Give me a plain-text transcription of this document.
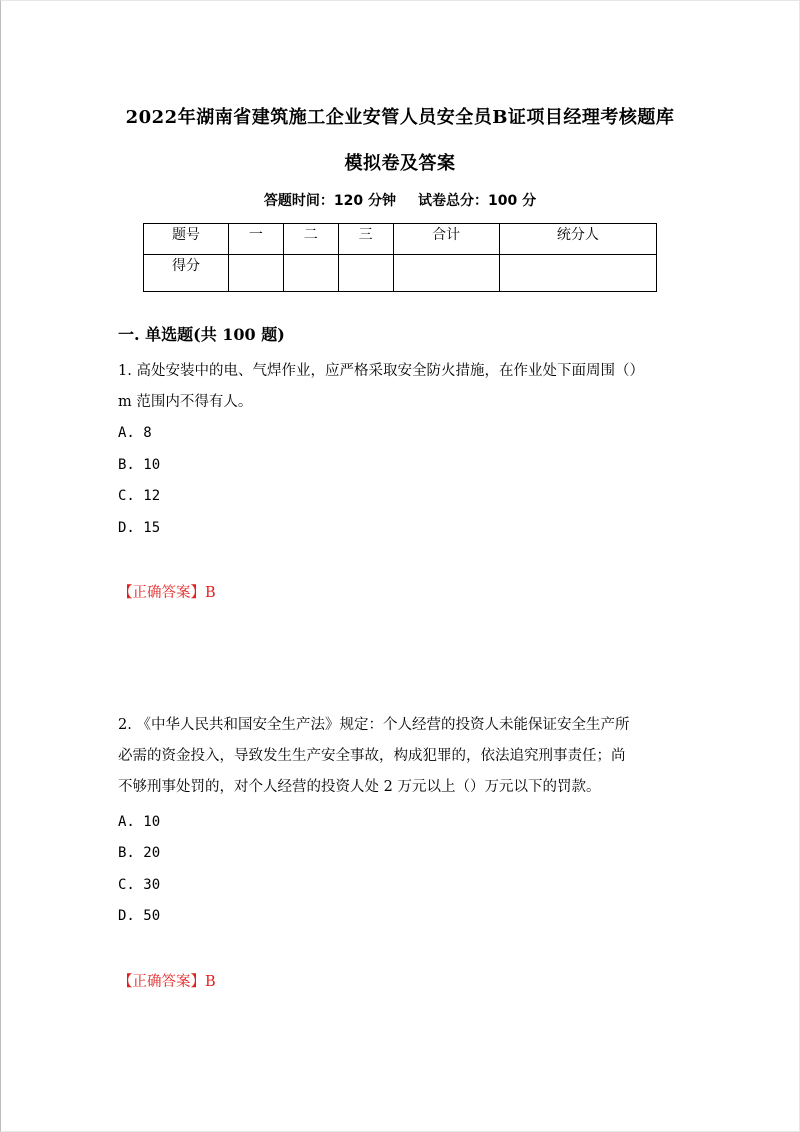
2022年湖南省建筑施工企业安管人员安全员B证项目经理考核题库
模拟卷及答案
答题时间：120 分钟 试卷总分：100 分
题号	一	二	三	合计	统分人
得分					
一. 单选题(共 100 题)
1. 高处安装中的电、气焊作业，应严格采取安全防火措施，在作业处下面周围（）
m 范围内不得有人。
A. 8
B. 10
C. 12
D. 15
【正确答案】B
2. 《中华人民共和国安全生产法》规定：个人经营的投资人未能保证安全生产所
必需的资金投入，导致发生生产安全事故，构成犯罪的，依法追究刑事责任；尚
不够刑事处罚的，对个人经营的投资人处 2 万元以上（）万元以下的罚款。
A. 10
B. 20
C. 30
D. 50
【正确答案】B
